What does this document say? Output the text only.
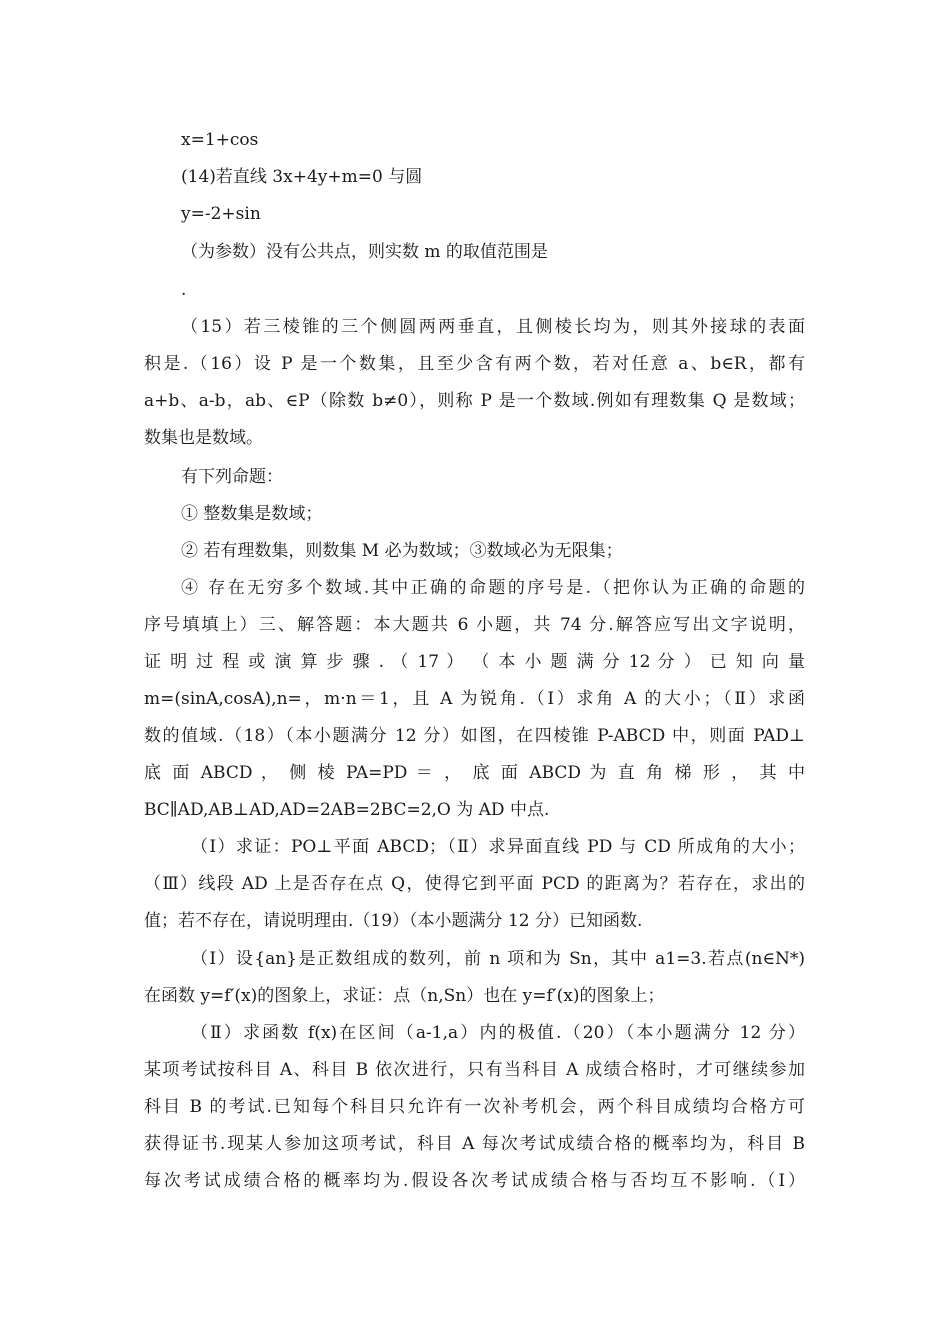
x=1+cos
(14)若直线 3x+4y+m=0 与圆
y=-2+sin
（为参数）没有公共点，则实数 m 的取值范围是
.
（15）若三棱锥的三个侧圆两两垂直，且侧棱长均为，则其外接球的表面
积是.（16）设 P 是一个数集，且至少含有两个数，若对任意 a、b∈R，都有
a+b、a-b，ab、∈P（除数 b≠0），则称 P 是一个数域.例如有理数集 Q 是数域；
数集也是数域。
有下列命题：
① 整数集是数域；
② 若有理数集，则数集 M 必为数域；③数域必为无限集；
④ 存在无穷多个数域.其中正确的命题的序号是.（把你认为正确的命题的
序号填填上）三、解答题：本大题共 6 小题，共 74 分.解答应写出文字说明，
证 明 过 程 或 演 算 步 骤 . （ 17 ） （ 本 小 题 满 分 12 分 ） 已 知 向 量
m=(sinA,cosA),n=，m·n＝1，且 A 为锐角.（Ⅰ）求角 A 的大小；（Ⅱ）求函
数的值域.（18）（本小题满分 12 分）如图，在四棱锥 P-ABCD 中，则面 PAD⊥
底 面 ABCD ， 侧 棱 PA=PD ＝ ， 底 面 ABCD 为 直 角 梯 形 ， 其 中
BC∥AD,AB⊥AD,AD=2AB=2BC=2,O 为 AD 中点.
（Ⅰ）求证：PO⊥平面 ABCD；（Ⅱ）求异面直线 PD 与 CD 所成角的大小；
（Ⅲ）线段 AD 上是否存在点 Q，使得它到平面 PCD 的距离为？若存在，求出的
值；若不存在，请说明理由.（19）（本小题满分 12 分）已知函数.
（Ⅰ）设{an}是正数组成的数列，前 n 项和为 Sn，其中 a1=3.若点(n∈N*)
在函数 y=f′(x)的图象上，求证：点（n,Sn）也在 y=f′(x)的图象上；
（Ⅱ）求函数 f(x)在区间（a-1,a）内的极值.（20）（本小题满分 12 分）
某项考试按科目 A、科目 B 依次进行，只有当科目 A 成绩合格时，才可继续参加
科目 B 的考试.已知每个科目只允许有一次补考机会，两个科目成绩均合格方可
获得证书.现某人参加这项考试，科目 A 每次考试成绩合格的概率均为，科目 B
每次考试成绩合格的概率均为.假设各次考试成绩合格与否均互不影响.（Ⅰ）
